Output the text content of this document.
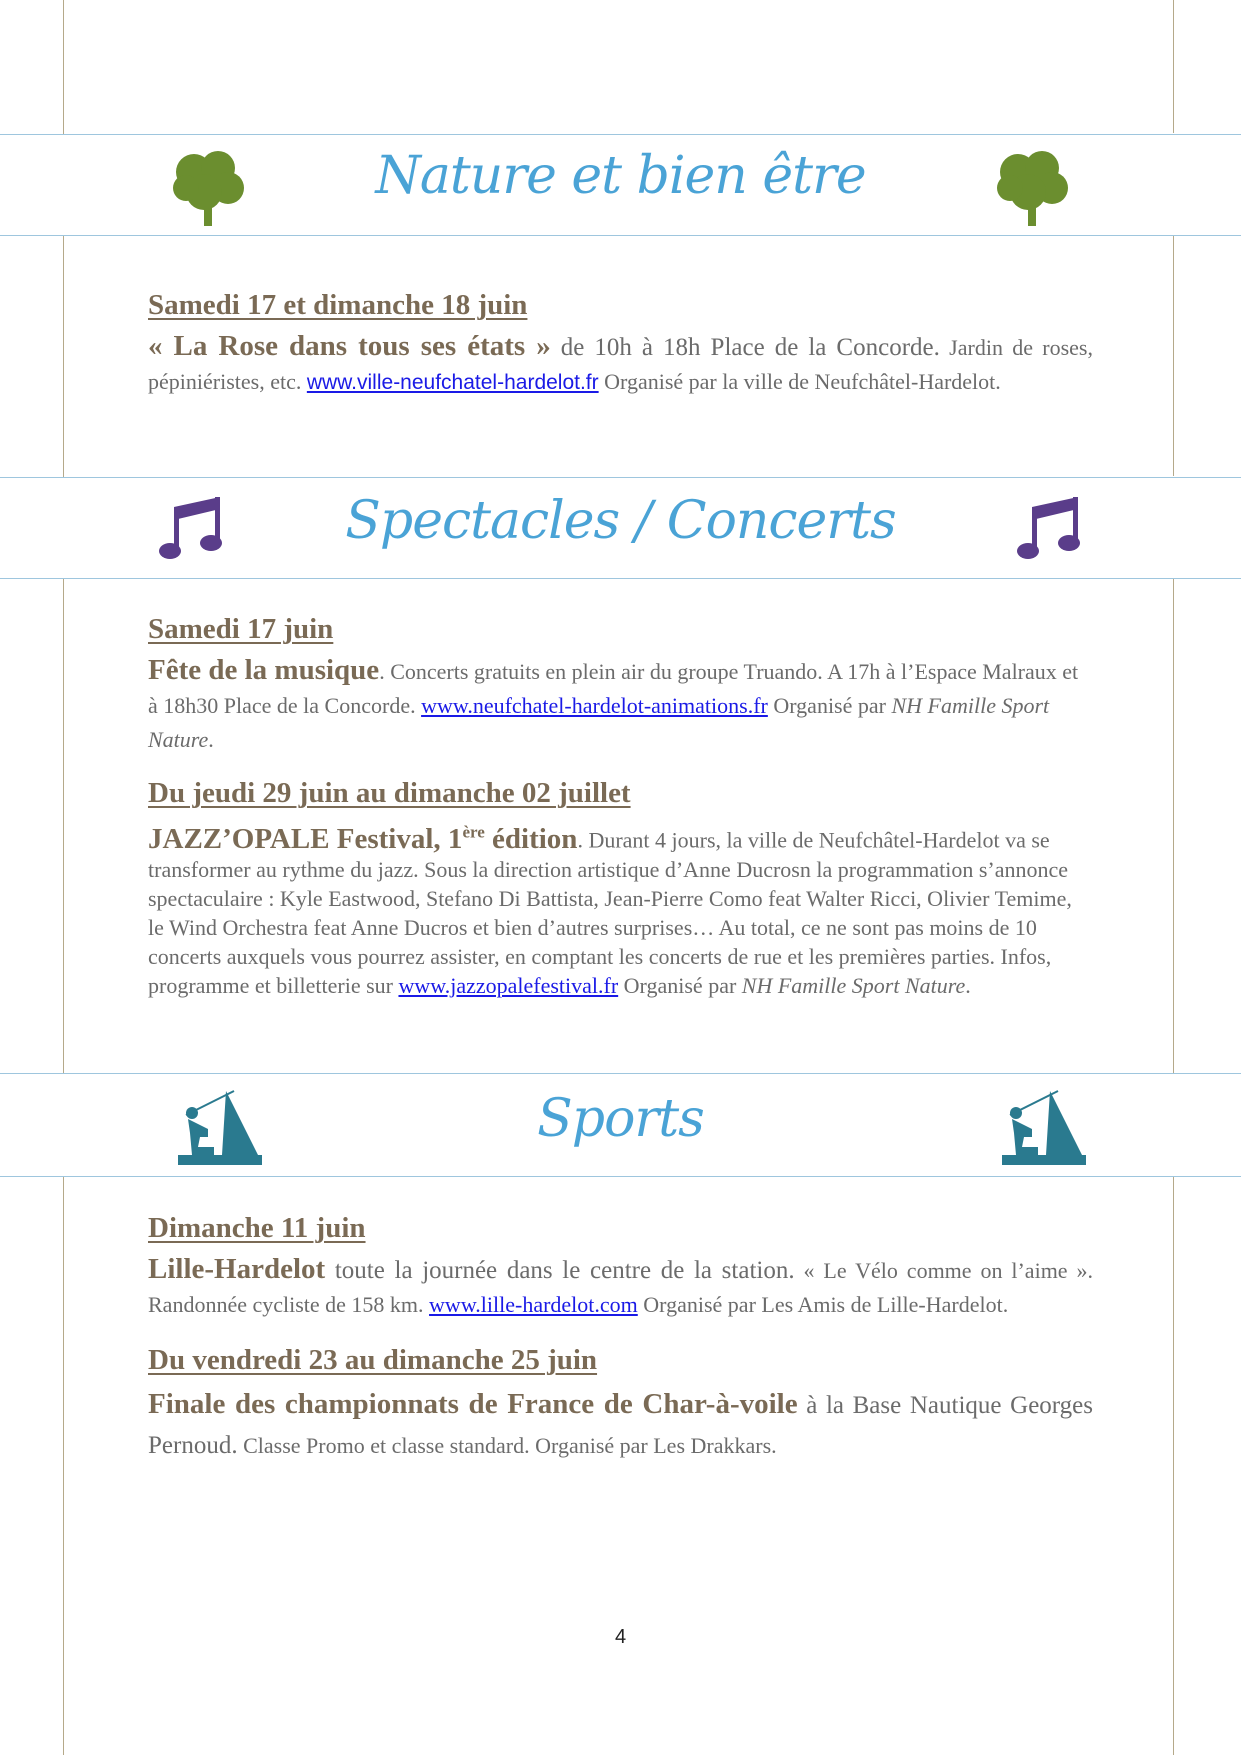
Nature et bien être
Samedi 17 et dimanche 18 juin

« La Rose dans tous ses états » de 10h à 18h Place de la Concorde. Jardin de roses, pépiniéristes, etc. www.ville-neufchatel-hardelot.fr Organisé par la ville de Neufchâtel-Hardelot.

Spectacles / Concerts
Samedi 17 juin

Fête de la musique. Concerts gratuits en plein air du groupe Truando. A 17h à l’Espace Malraux et à 18h30 Place de la Concorde. www.neufchatel-hardelot-animations.fr Organisé par NH Famille Sport Nature.

Du jeudi 29 juin au dimanche 02 juillet

JAZZ’OPALE Festival, 1ère édition. Durant 4 jours, la ville de Neufchâtel-Hardelot va se transformer au rythme du jazz. Sous la direction artistique d’Anne Ducrosn la programmation s’annonce spectaculaire : Kyle Eastwood, Stefano Di Battista, Jean-Pierre Como feat Walter Ricci, Olivier Temime, le Wind Orchestra feat Anne Ducros et bien d’autres surprises… Au total, ce ne sont pas moins de 10 concerts auxquels vous pourrez assister, en comptant les concerts de rue et les premières parties. Infos, programme et billetterie sur www.jazzopalefestival.fr Organisé par NH Famille Sport Nature.

Sports
Dimanche 11 juin

Lille-Hardelot toute la journée dans le centre de la station. « Le Vélo comme on l’aime ». Randonnée cycliste de 158 km. www.lille-hardelot.com Organisé par Les Amis de Lille-Hardelot.

Du vendredi 23 au dimanche 25 juin

Finale des championnats de France de Char-à-voile à la Base Nautique Georges Pernoud. Classe Promo et classe standard. Organisé par Les Drakkars.

4
